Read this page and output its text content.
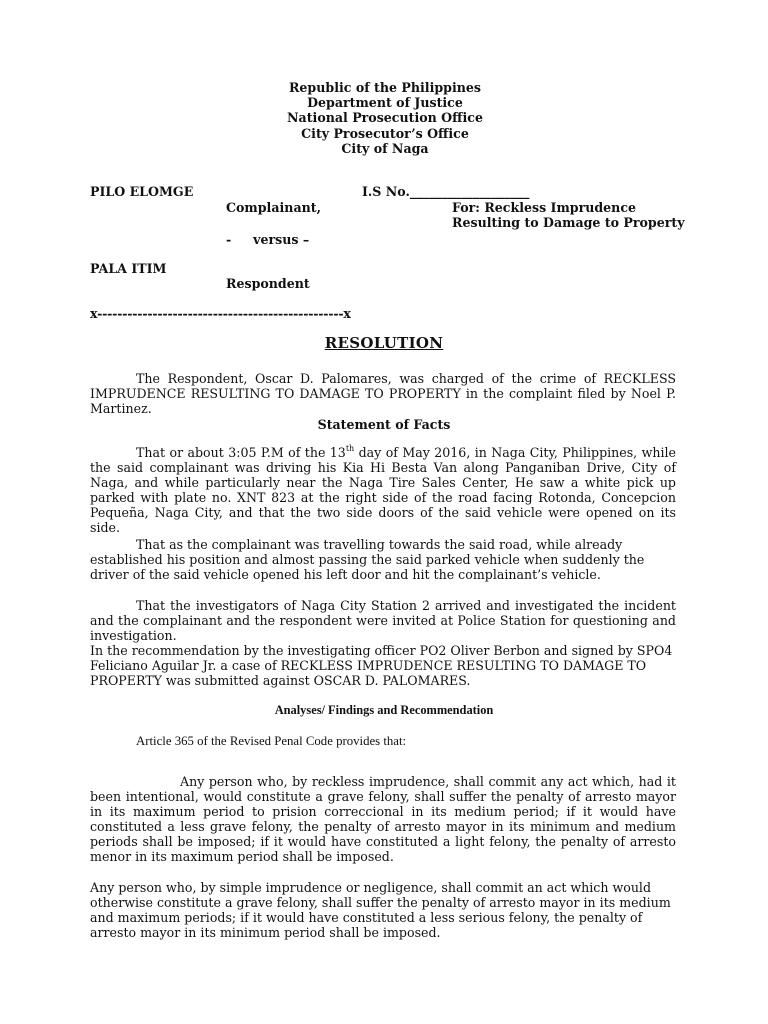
Republic of the Philippines
Department of Justice
National Prosecution Office
City Prosecutor’s Office
City of Naga
PILO ELOMGE	I.S No.___________________
Complainant,	For: Reckless Imprudence
Resulting to Damage to Property
-     versus –
PALA ITIM
Respondent
x-------------------------------------------------x
RESOLUTION
The Respondent, Oscar D. Palomares, was charged of the crime of RECKLESS IMPRUDENCE RESULTING TO DAMAGE TO PROPERTY in the complaint filed by Noel P. Martinez.
Statement of Facts
That or about 3:05 P.M of the 13th day of May 2016, in Naga City, Philippines, while the said complainant was driving his Kia Hi Besta Van along Panganiban Drive, City of Naga, and while particularly near the Naga Tire Sales Center, He saw a white pick up parked with plate no. XNT 823 at the right side of the road facing Rotonda, Concepcion Pequeña, Naga City, and that the two side doors of the said vehicle were opened on its side.
That as the complainant was travelling towards the said road, while already established his position and almost passing the said parked vehicle when suddenly the driver of the said vehicle opened his left door and hit the complainant’s vehicle.
That the investigators of Naga City Station 2 arrived and investigated the incident and the complainant and the respondent were invited at Police Station for questioning and investigation.
In the recommendation by the investigating officer PO2 Oliver Berbon and signed by SPO4 Feliciano Aguilar Jr. a case of RECKLESS IMPRUDENCE RESULTING TO DAMAGE TO PROPERTY was submitted against OSCAR D. PALOMARES.
Analyses/ Findings and Recommendation
Article 365 of the Revised Penal Code provides that:
Any person who, by reckless imprudence, shall commit any act which, had it been intentional, would constitute a grave felony, shall suffer the penalty of arresto mayor in its maximum period to prision correccional in its medium period; if it would have constituted a less grave felony, the penalty of arresto mayor in its minimum and medium periods shall be imposed; if it would have constituted a light felony, the penalty of arresto menor in its maximum period shall be imposed.
Any person who, by simple imprudence or negligence, shall commit an act which would otherwise constitute a grave felony, shall suffer the penalty of arresto mayor in its medium and maximum periods; if it would have constituted a less serious felony, the penalty of arresto mayor in its minimum period shall be imposed.
